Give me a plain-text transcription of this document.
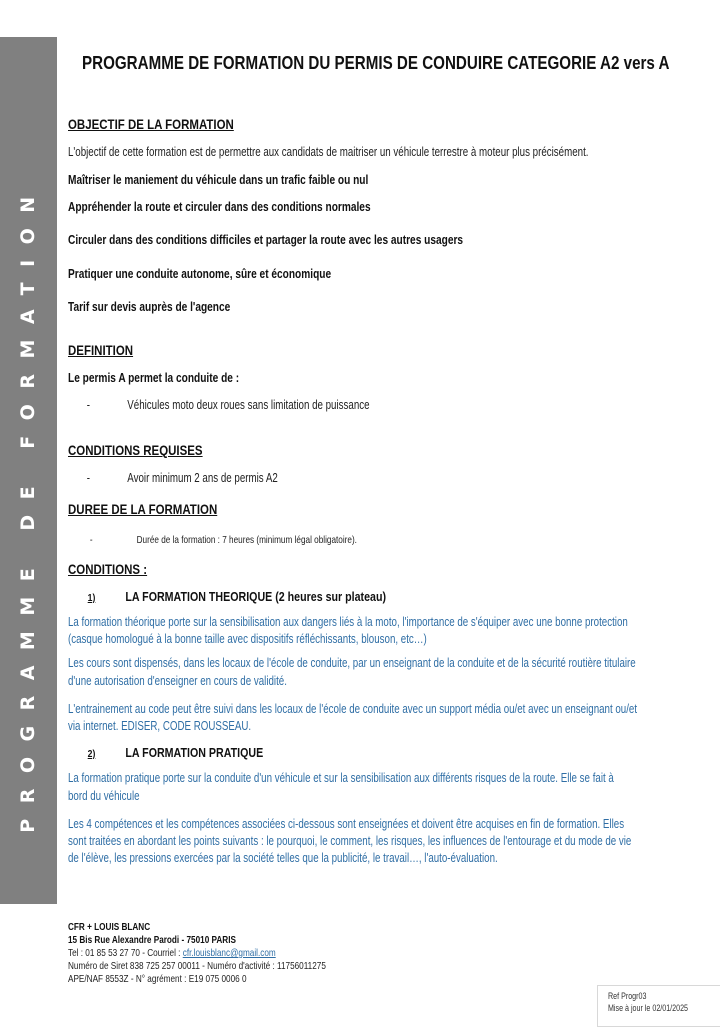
PROGRAMME DE FORMATION
PROGRAMME DE FORMATION DU PERMIS DE CONDUIRE CATEGORIE A2 vers A
OBJECTIF DE LA FORMATION
L'objectif de cette formation est de permettre aux candidats de maitriser un véhicule terrestre à moteur plus précisément.
Maîtriser le maniement du véhicule dans un trafic faible ou nul
Appréhender la route et circuler dans des conditions normales
Circuler dans des conditions difficiles et partager la route avec les autres usagers
Pratiquer une conduite autonome, sûre et économique
Tarif sur devis auprès de l'agence
DEFINITION
Le permis A permet la conduite de :
-	Véhicules moto deux roues sans limitation de puissance
CONDITIONS REQUISES
-	Avoir minimum 2 ans de permis A2
DUREE DE LA FORMATION
-	Durée de la formation : 7 heures (minimum légal obligatoire).
CONDITIONS :
1) LA FORMATION THEORIQUE (2 heures sur plateau)
La formation théorique porte sur la sensibilisation aux dangers liés à la moto, l'importance de s'équiper avec une bonne protection
(casque homologué à la bonne taille avec dispositifs réfléchissants, blouson, etc…)
Les cours sont dispensés, dans les locaux de l'école de conduite, par un enseignant de la conduite et de la sécurité routière titulaire
d'une autorisation d'enseigner en cours de validité.
L'entrainement au code peut être suivi dans les locaux de l'école de conduite avec un support média ou/et avec un enseignant ou/et
via internet. EDISER, CODE ROUSSEAU.
2) LA FORMATION PRATIQUE
La formation pratique porte sur la conduite d'un véhicule et sur la sensibilisation aux différents risques de la route. Elle se fait à
bord du véhicule
Les 4 compétences et les compétences associées ci-dessous sont enseignées et doivent être acquises en fin de formation. Elles
sont traitées en abordant les points suivants : le pourquoi, le comment, les risques, les influences de l'entourage et du mode de vie
de l'élève, les pressions exercées par la société telles que la publicité, le travail…, l'auto-évaluation.
CFR + LOUIS BLANC
15 Bis Rue Alexandre Parodi - 75010 PARIS
Tel : 01 85 53 27 70 - Courriel : cfr.louisblanc@gmail.com
Numéro de Siret 838 725 257 00011 - Numéro d'activité : 11756011275
APE/NAF 8553Z - N° agrément : E19 075 0006 0
Ref Progr03
Mise à jour le 02/01/2025
